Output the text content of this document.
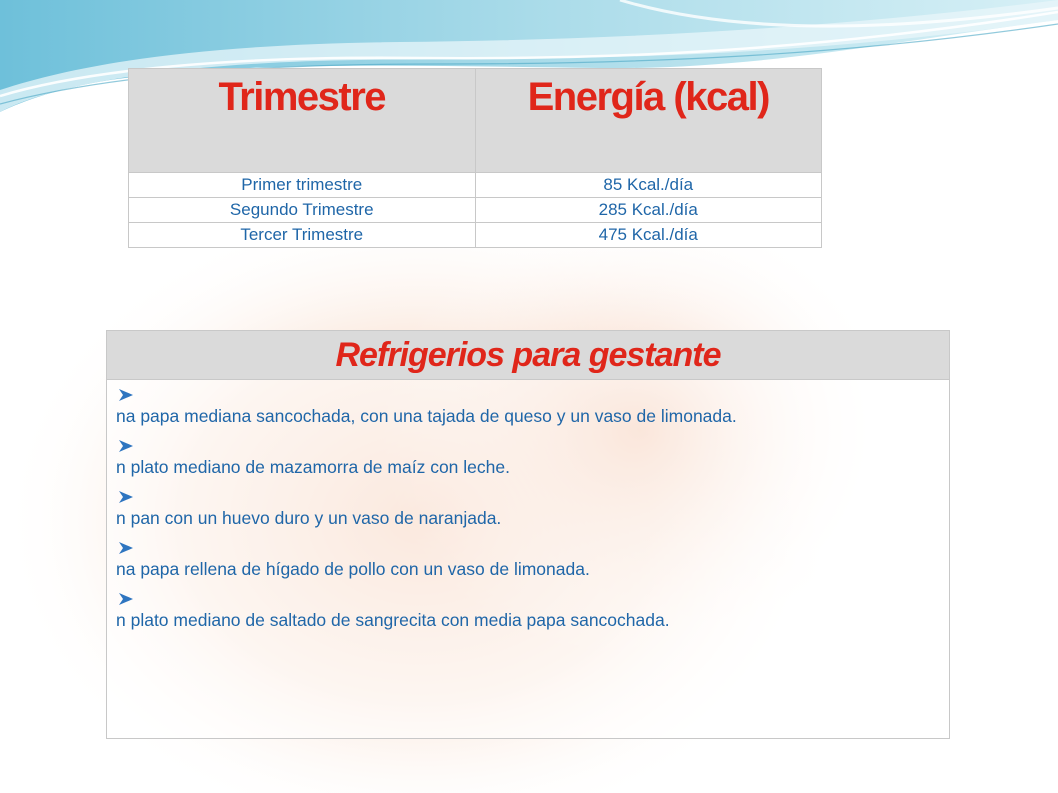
Trimestre	Energía (kcal)
Primer trimestre	85 Kcal./día
Segundo Trimestre	285 Kcal./día
Tercer Trimestre	475 Kcal./día
Refrigerios para gestante

na papa mediana sancochada, con una tajada de queso y un vaso de limonada.
n plato mediano de mazamorra de maíz con leche.
n pan con un huevo duro y un vaso de naranjada.
na papa rellena de hígado de pollo con un vaso de limonada.
n plato mediano de saltado de sangrecita con media papa sancochada.
